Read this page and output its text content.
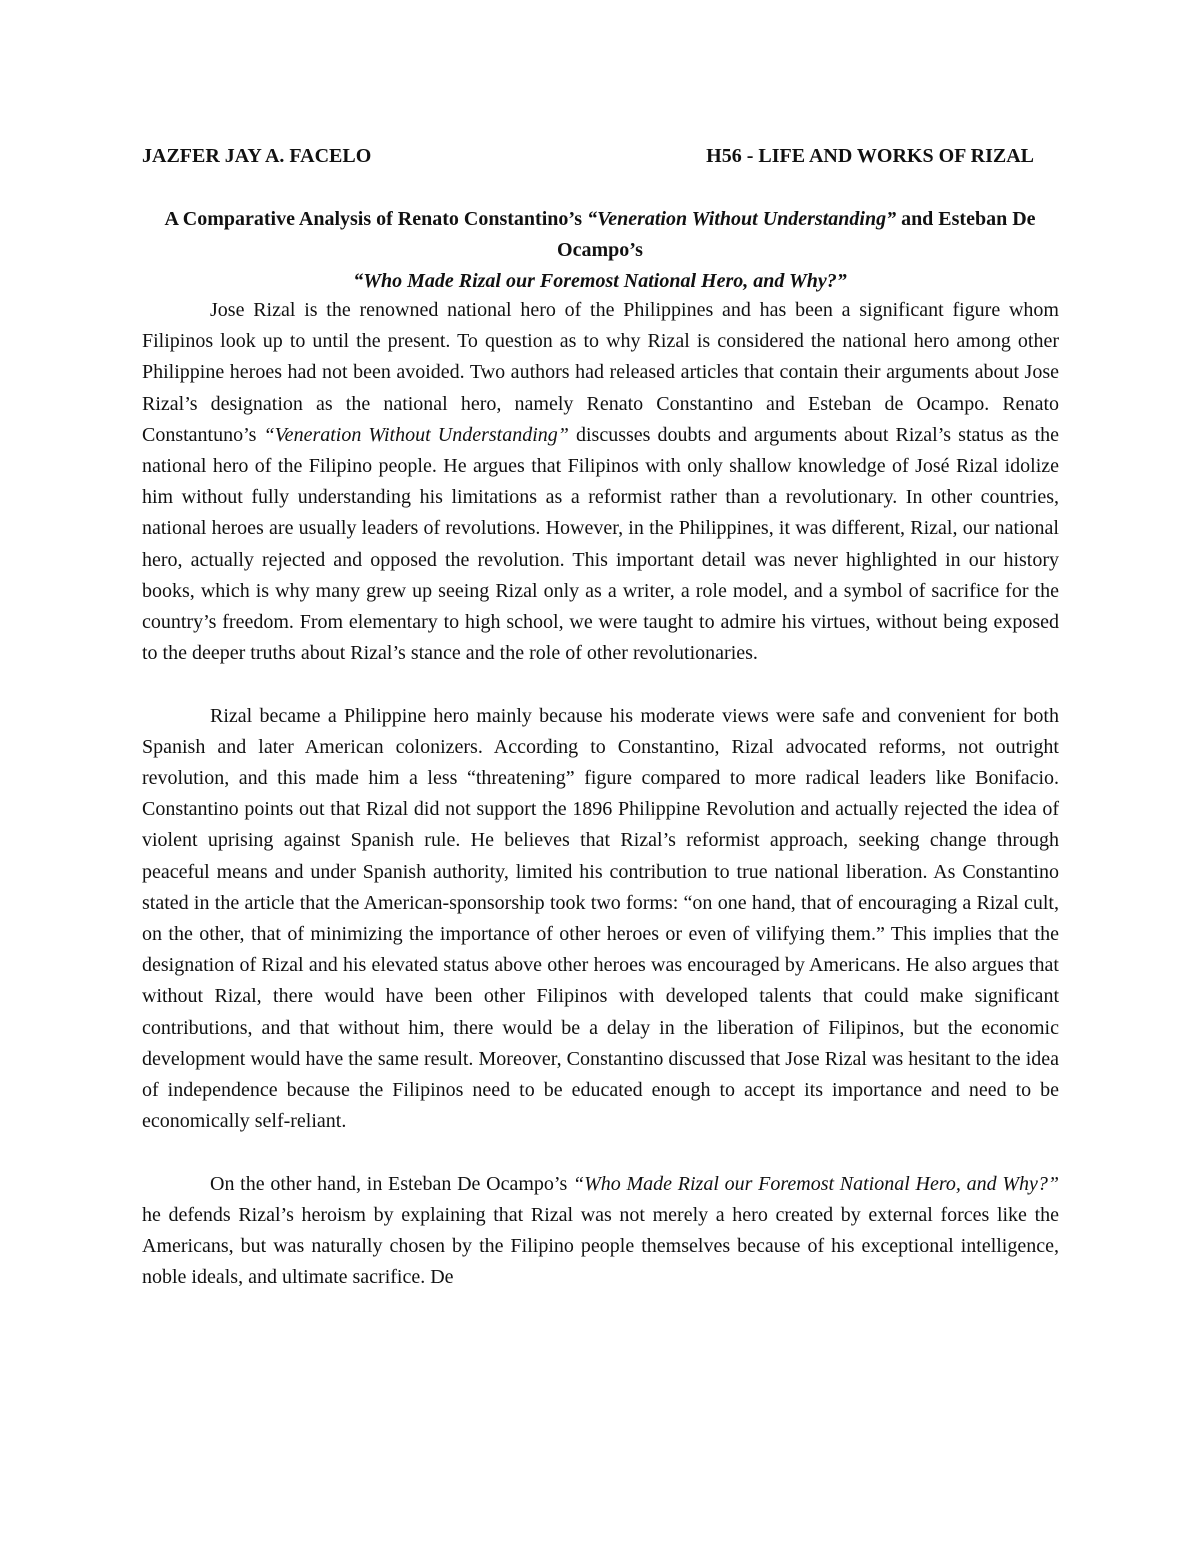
JAZFER JAY A. FACELO	H56 - LIFE AND WORKS OF RIZAL
A Comparative Analysis of Renato Constantino’s “Veneration Without Understanding” and Esteban De Ocampo’s
“Who Made Rizal our Foremost National Hero, and Why?”

Jose Rizal is the renowned national hero of the Philippines and has been a significant figure whom Filipinos look up to until the present. To question as to why Rizal is considered the national hero among other Philippine heroes had not been avoided. Two authors had released articles that contain their arguments about Jose Rizal’s designation as the national hero, namely Renato Constantino and Esteban de Ocampo. Renato Constantuno’s “Veneration Without Understanding” discusses doubts and arguments about Rizal’s status as the national hero of the Filipino people. He argues that Filipinos with only shallow knowledge of José Rizal idolize him without fully understanding his limitations as a reformist rather than a revolutionary. In other countries, national heroes are usually leaders of revolutions. However, in the Philippines, it was different, Rizal, our national hero, actually rejected and opposed the revolution. This important detail was never highlighted in our history books, which is why many grew up seeing Rizal only as a writer, a role model, and a symbol of sacrifice for the country’s freedom. From elementary to high school, we were taught to admire his virtues, without being exposed to the deeper truths about Rizal’s stance and the role of other revolutionaries.

Rizal became a Philippine hero mainly because his moderate views were safe and convenient for both Spanish and later American colonizers. According to Constantino, Rizal advocated reforms, not outright revolution, and this made him a less “threatening” figure compared to more radical leaders like Bonifacio. Constantino points out that Rizal did not support the 1896 Philippine Revolution and actually rejected the idea of violent uprising against Spanish rule. He believes that Rizal’s reformist approach, seeking change through peaceful means and under Spanish authority, limited his contribution to true national liberation. As Constantino stated in the article that the American-sponsorship took two forms: “on one hand, that of encouraging a Rizal cult, on the other, that of minimizing the importance of other heroes or even of vilifying them.” This implies that the designation of Rizal and his elevated status above other heroes was encouraged by Americans. He also argues that without Rizal, there would have been other Filipinos with developed talents that could make significant contributions, and that without him, there would be a delay in the liberation of Filipinos, but the economic development would have the same result. Moreover, Constantino discussed that Jose Rizal was hesitant to the idea of independence because the Filipinos need to be educated enough to accept its importance and need to be economically self-reliant.

On the other hand, in Esteban De Ocampo’s “Who Made Rizal our Foremost National Hero, and Why?” he defends Rizal’s heroism by explaining that Rizal was not merely a hero created by external forces like the Americans, but was naturally chosen by the Filipino people themselves because of his exceptional intelligence, noble ideals, and ultimate sacrifice. De
